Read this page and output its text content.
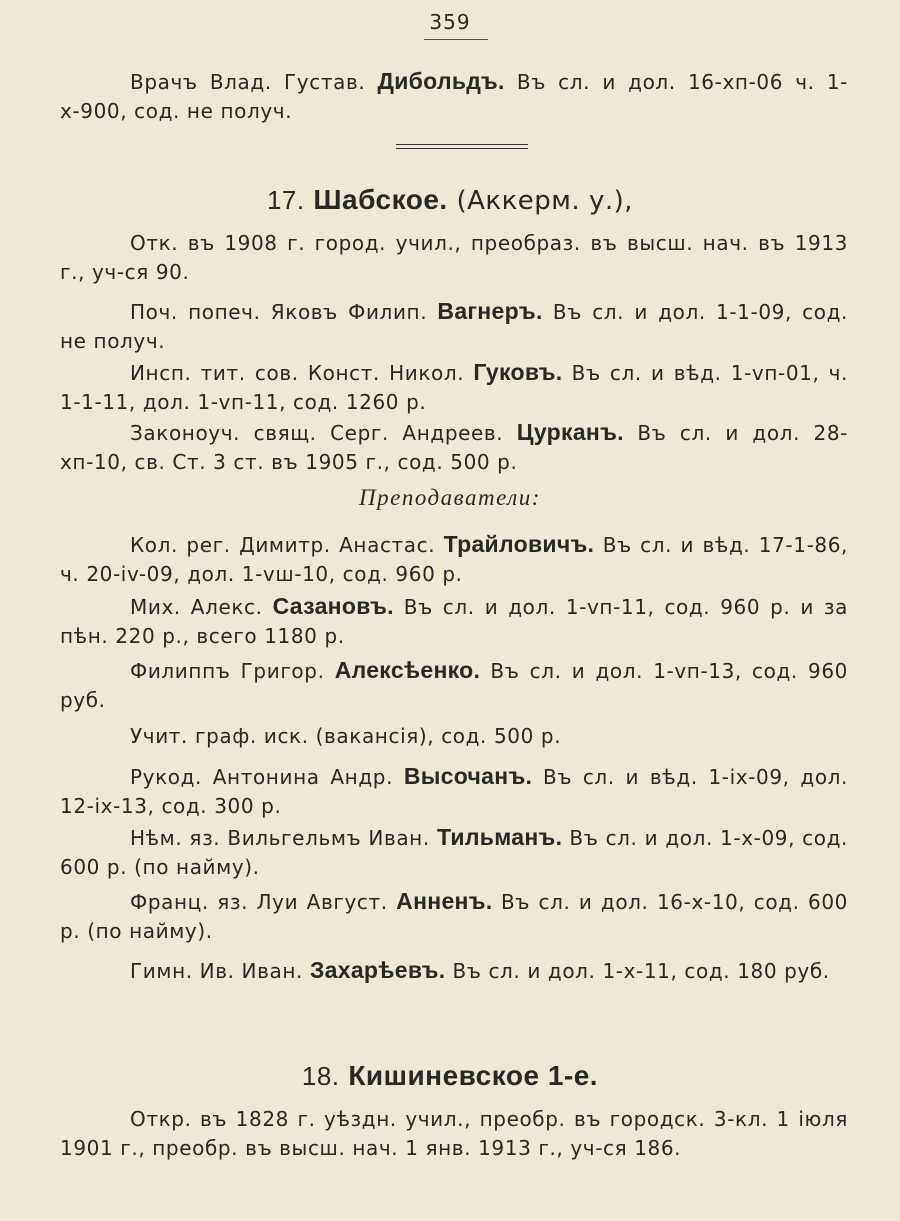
359
Врачъ Влад. Густав. Дибольдъ. Въ сл. и дол. 16-хп-06 ч. 1-х-900, сод. не получ.
17. Шабское. (Аккерм. у.),
Отк. въ 1908 г. город. учил., преобраз. въ высш. нач. въ 1913 г., уч-ся 90.
Поч. попеч. Яковъ Филип. Вагнеръ. Въ сл. и дол. 1-1-09, сод. не получ.
Инсп. тит. сов. Конст. Никол. Гуковъ. Въ сл. и вѣд. 1-vп-01, ч. 1-1-11, дол. 1-vп-11, сод. 1260 р.
Законоуч. свящ. Серг. Андреев. Цурканъ. Въ сл. и дол. 28-хп-10, св. Ст. 3 ст. въ 1905 г., сод. 500 р.
Преподаватели:
Кол. рег. Димитр. Анастас. Трайловичъ. Въ сл. и вѣд. 17-1-86, ч. 20-iv-09, дол. 1-vш-10, сод. 960 р.
Мих. Алекс. Сазановъ. Въ сл. и дол. 1-vп-11, сод. 960 р. и за пѣн. 220 р., всего 1180 р.
Филиппъ Григор. Алексѣенко. Въ сл. и дол. 1-vп-13, сод. 960 руб.
Учит. граф. иск. (вакансія), сод. 500 р.
Рукод. Антонина Андр. Высочанъ. Въ сл. и вѣд. 1-ix-09, дол. 12-ix-13, сод. 300 р.
Нѣм. яз. Вильгельмъ Иван. Тильманъ. Въ сл. и дол. 1-х-09, сод. 600 р. (по найму).
Франц. яз. Луи Август. Анненъ. Въ сл. и дол. 16-х-10, сод. 600 р. (по найму).
Гимн. Ив. Иван. Захарѣевъ. Въ сл. и дол. 1-х-11, сод. 180 руб.
18. Кишиневское 1-е.
Откр. въ 1828 г. уѣздн. учил., преобр. въ городск. 3-кл. 1 іюля 1901 г., преобр. въ высш. нач. 1 янв. 1913 г., уч-ся 186.
